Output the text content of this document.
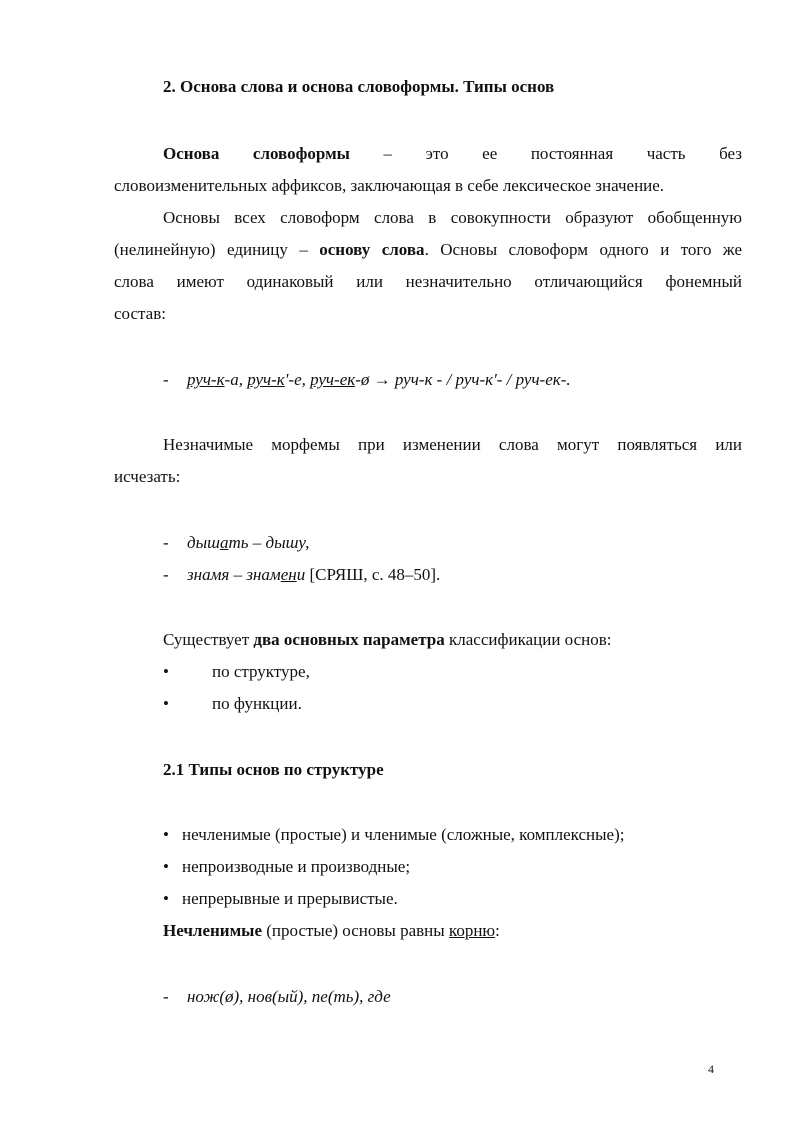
2. Основа слова и основа словоформы. Типы основ
Основа словоформы – это ее постоянная часть без
словоизменительных аффиксов, заключающая в себе лексическое значение.
Основы всех словоформ слова в совокупности образуют обобщенную
(нелинейную) единицу – основу слова. Основы словоформ одного и того же
слова имеют одинаковый или незначительно отличающийся фонемный
состав:
- руч-к-а, руч-к'-е, руч-ек-ø → руч-к - / руч-к'- / руч-ек-.
Незначимые морфемы при изменении слова могут появляться или
исчезать:
- дышать – дышу,
- знамя – знамени [СРЯШ, с. 48–50].
Существует два основных параметра классификации основ:
•	по структуре,
•	по функции.
2.1 Типы основ по структуре
• нечленимые (простые) и членимые (сложные, комплексные);
• непроизводные и производные;
• непрерывные и прерывистые.
Нечленимые (простые) основы равны корню:
- нож(ø), нов(ый), пе(ть), где
4
